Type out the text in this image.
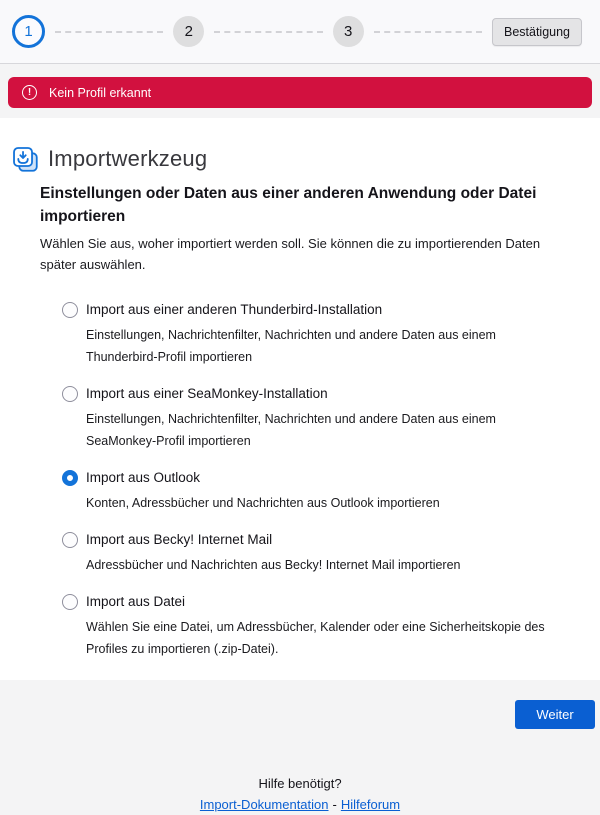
1	2	3	Bestätigung
!	Kein Profil erkannt
Importwerkzeug
Einstellungen oder Daten aus einer anderen Anwendung oder Datei importieren

Wählen Sie aus, woher importiert werden soll. Sie können die zu importierenden Daten später auswählen.

Import aus einer anderen Thunderbird-Installation

Einstellungen, Nachrichtenfilter, Nachrichten und andere Daten aus einem Thunderbird-Profil importieren

Import aus einer SeaMonkey-Installation

Einstellungen, Nachrichtenfilter, Nachrichten und andere Daten aus einem SeaMonkey-Profil importieren

Import aus Outlook

Konten, Adressbücher und Nachrichten aus Outlook importieren

Import aus Becky! Internet Mail

Adressbücher und Nachrichten aus Becky! Internet Mail importieren

Import aus Datei

Wählen Sie eine Datei, um Adressbücher, Kalender oder eine Sicherheitskopie des Profiles zu importieren (.zip-Datei).

Weiter
Hilfe benötigt?
Import-Dokumentation - Hilfeforum
